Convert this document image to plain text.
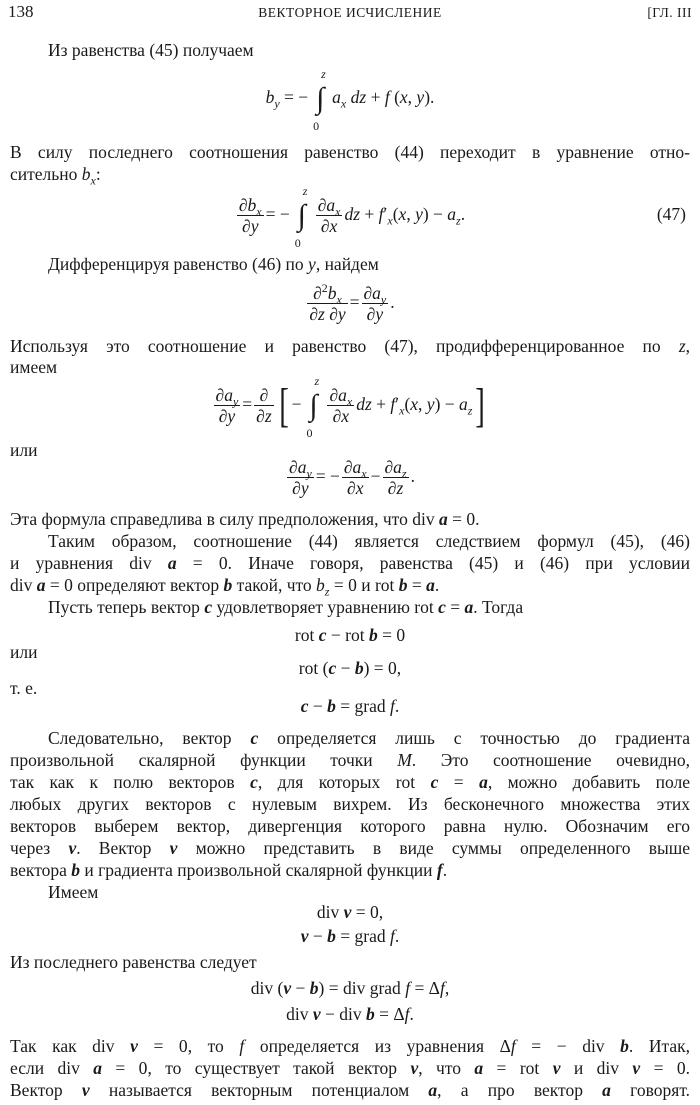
138	ВЕКТОРНОЕ ИСЧИСЛЕНИЕ	[ГЛ. III
Из равенства (45) получаем
$b_y$ = − ∫
z
0
$a_x$ dz + f (x, y).
В силу последнего соотношения равенство (44) переходит в уравнение отно-
сительно $b_x$:
$\frac{\partial b_x}{\partial y}$ = − ∫
z
0
$\frac{\partial a_x}{\partial x}$ dz + $f'_x(x$, $y) - a_z$.	(47)
Дифференцируя равенство (46) по y, найдем
$\frac{\partial^2b_x}{\partial z \partial y} = \frac{\partial a_y}{\partial y}$ .
Используя это соотношение и равенство (47), продифференцированное по z,
имеем
$\frac{\partial a_y}{\partial y} = \frac{\partial}{\partial z}$ [ − ∫
z
0
$\frac{\partial a_x}{\partial x}$ dz + $f'_x(x$, $y) - a_z$]
или
$\frac{\partial a_y}{\partial y}$ = − $\frac{\partial a_x}{\partial x} - \frac{\partial a_z}{\partial z}$ .
Эта формула справедлива в силу предположения, что div a = 0.
Таким образом, соотношение (44) является следствием формул (45), (46)
и уравнения div a = 0. Иначе говоря, равенства (45) и (46) при условии
div a = 0 определяют вектор b такой, что $b_z = 0$ и rot b = a.
Пусть теперь вектор c удовлетворяет уравнению rot c = a. Тогда
rot c − rot b = 0
или
rot (c − b) = 0,
т. е.
c − b = grad f.
Следовательно, вектор c определяется лишь с точностью до градиента
произвольной скалярной функции точки M. Это соотношение очевидно,
так как к полю векторов c, для которых rot c = a, можно добавить поле
любых других векторов с нулевым вихрем. Из бесконечного множества этих
векторов выберем вектор, дивергенция которого равна нулю. Обозначим его
через v. Вектор v можно представить в виде суммы определенного выше
вектора b и градиента произвольной скалярной функции f.
Имеем
div v = 0,
v − b = grad f.
Из последнего равенства следует
div (v − b) = div grad f = Δf,
div v − div b = Δf.
Так как div v = 0, то f определяется из уравнения Δf = − div b. Итак,
если div a = 0, то существует такой вектор v, что a = rot v и div v = 0.
Вектор v называется векторным потенциалом a, а про вектор a говорят.
